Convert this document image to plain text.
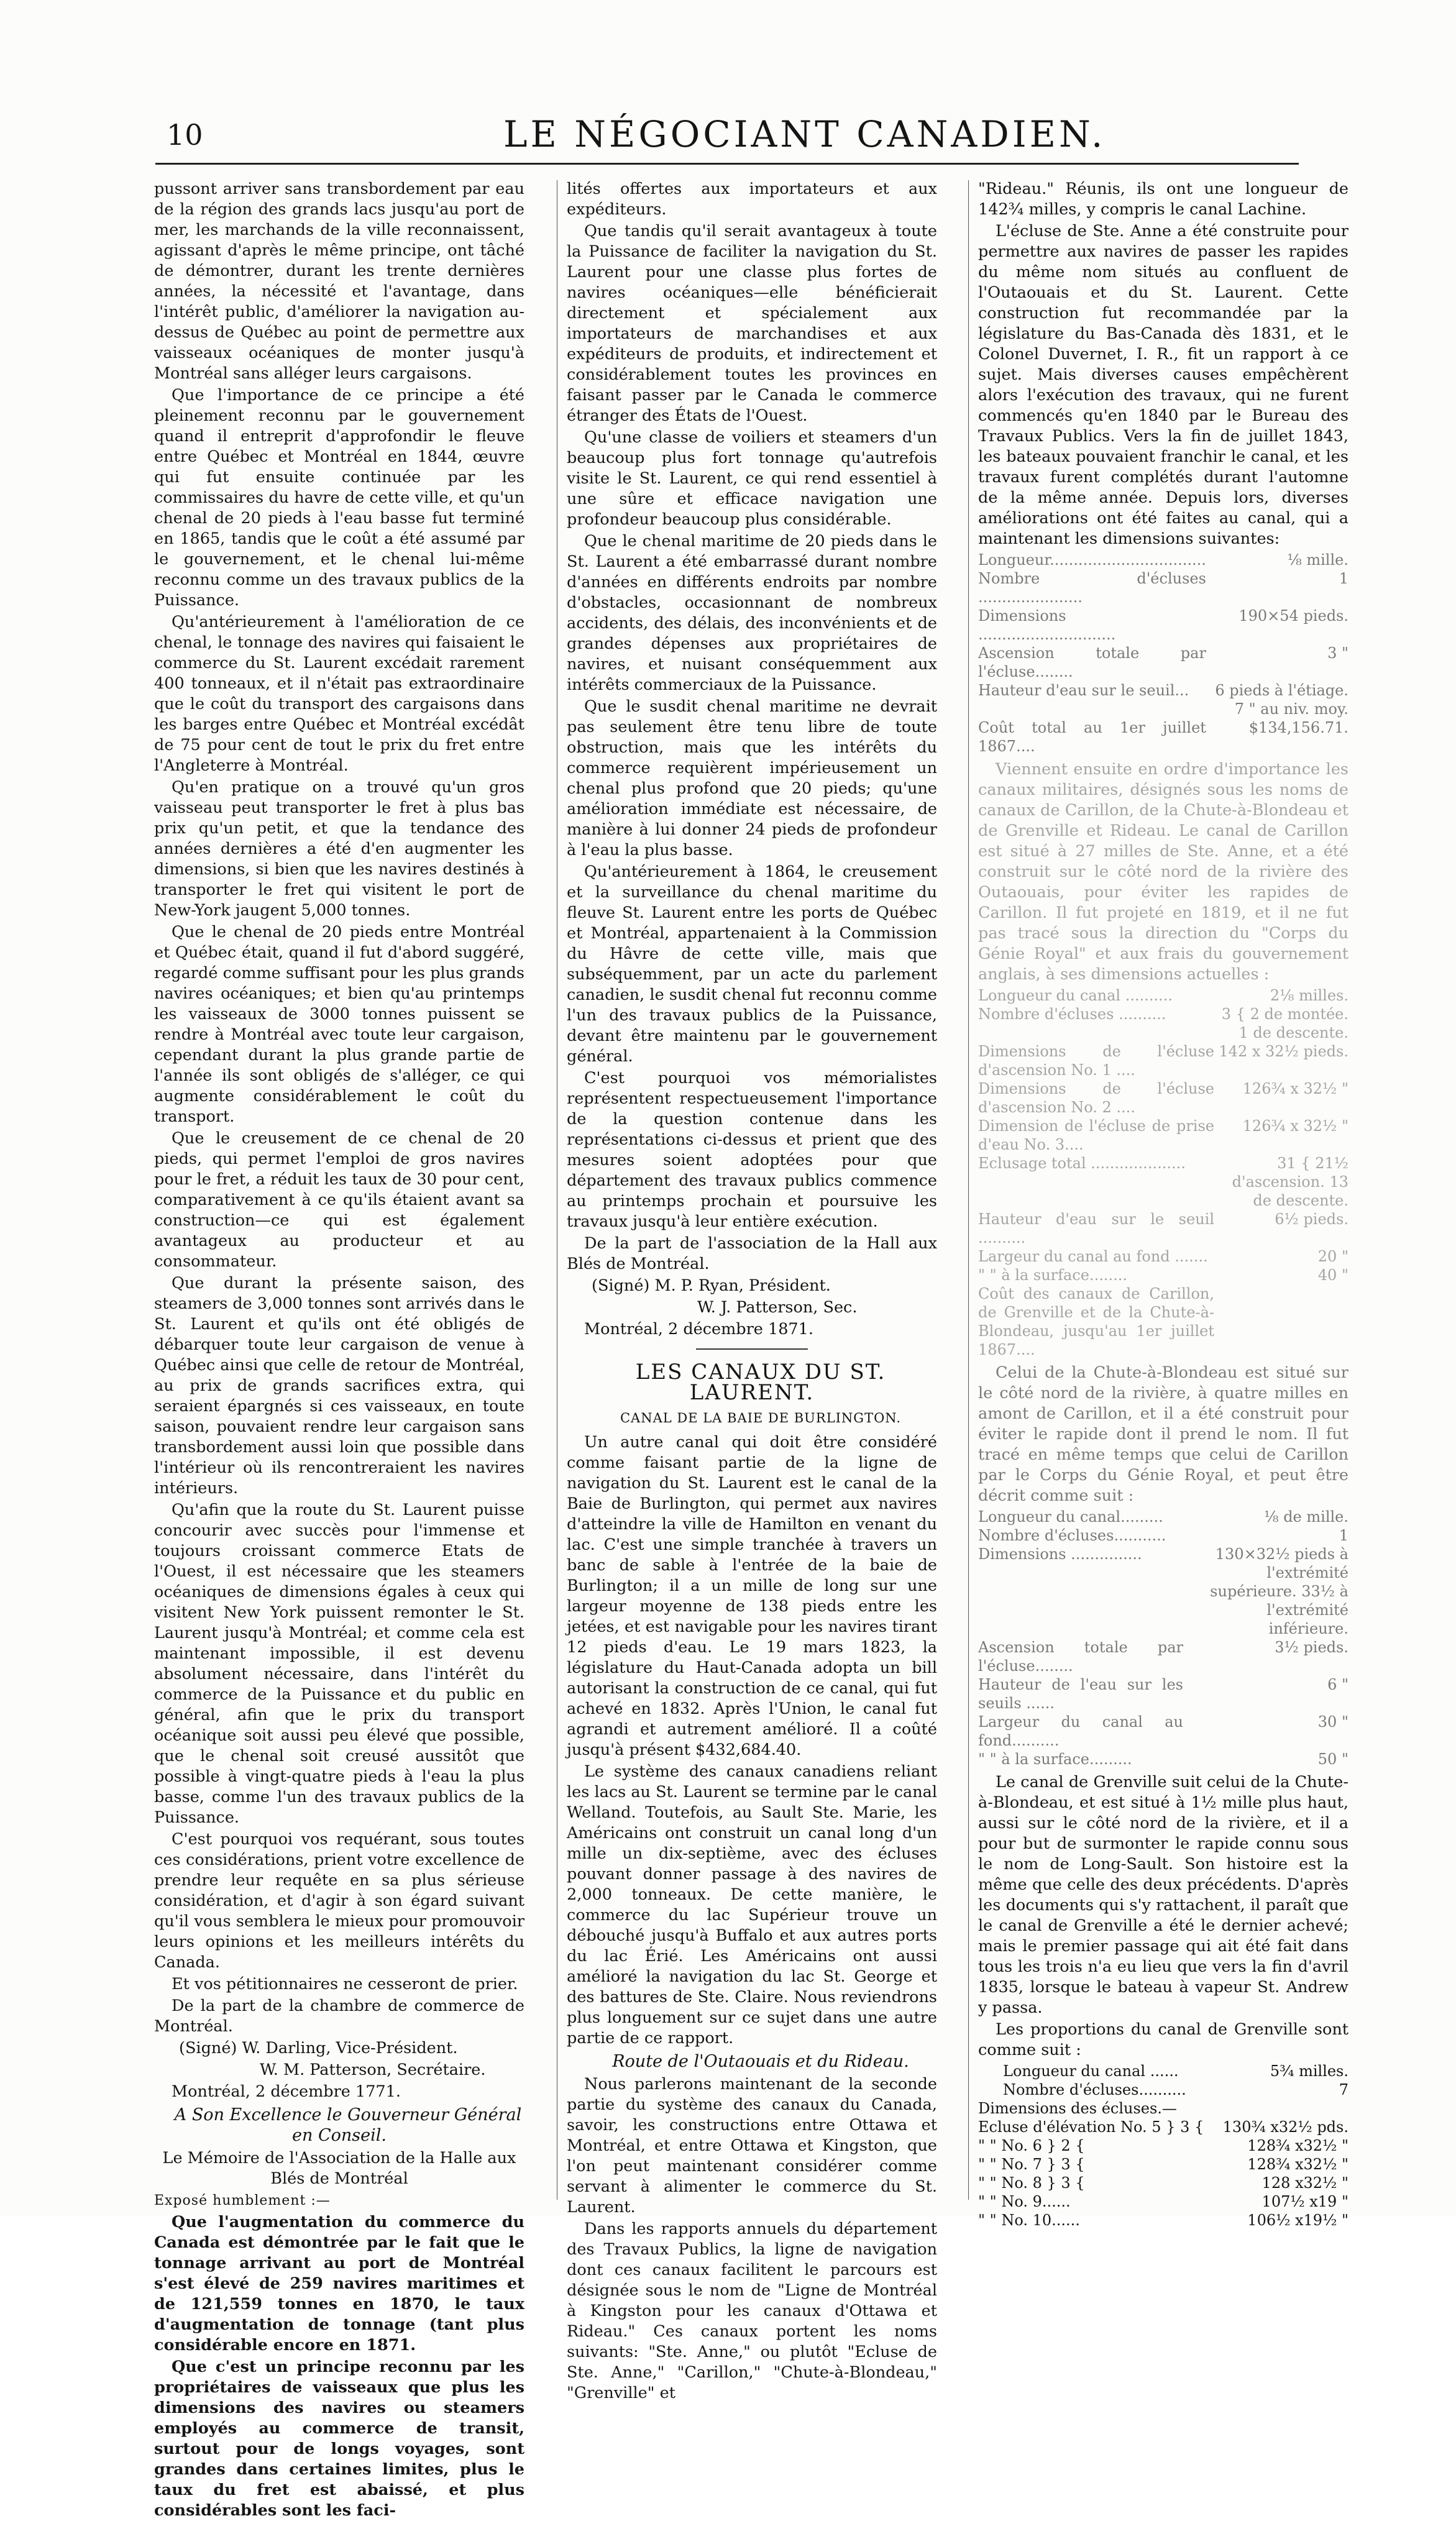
10	LE NÉGOCIANT CANADIEN.

pussont arriver sans transbordement par eau de la région des grands lacs jusqu'au port de mer, les marchands de la ville reconnaissent, agissant d'après le même principe, ont tâché de démontrer, durant les trente dernières années, la nécessité et l'avantage, dans l'intérêt public, d'améliorer la navigation au-dessus de Québec au point de permettre aux vaisseaux océaniques de monter jusqu'à Montréal sans alléger leurs cargaisons.

Que l'importance de ce principe a été pleinement reconnu par le gouvernement quand il entreprit d'approfondir le fleuve entre Québec et Montréal en 1844, œuvre qui fut ensuite continuée par les commissaires du havre de cette ville, et qu'un chenal de 20 pieds à l'eau basse fut terminé en 1865, tandis que le coût a été assumé par le gouvernement, et le chenal lui-même reconnu comme un des travaux publics de la Puissance.

Qu'antérieurement à l'amélioration de ce chenal, le tonnage des navires qui faisaient le commerce du St. Laurent excédait rarement 400 tonneaux, et il n'était pas extraordinaire que le coût du transport des cargaisons dans les barges entre Québec et Montréal excédât de 75 pour cent de tout le prix du fret entre l'Angleterre à Montréal.

Qu'en pratique on a trouvé qu'un gros vaisseau peut transporter le fret à plus bas prix qu'un petit, et que la tendance des années dernières a été d'en augmenter les dimensions, si bien que les navires destinés à transporter le fret qui visitent le port de New-York jaugent 5,000 tonnes.

Que le chenal de 20 pieds entre Montréal et Québec était, quand il fut d'abord suggéré, regardé comme suffisant pour les plus grands navires océaniques; et bien qu'au printemps les vaisseaux de 3000 tonnes puissent se rendre à Montréal avec toute leur cargaison, cependant durant la plus grande partie de l'année ils sont obligés de s'alléger, ce qui augmente considérablement le coût du transport.

Que le creusement de ce chenal de 20 pieds, qui permet l'emploi de gros navires pour le fret, a réduit les taux de 30 pour cent, comparativement à ce qu'ils étaient avant sa construction—ce qui est également avantageux au producteur et au consommateur.

Que durant la présente saison, des steamers de 3,000 tonnes sont arrivés dans le St. Laurent et qu'ils ont été obligés de débarquer toute leur cargaison de venue à Québec ainsi que celle de retour de Montréal, au prix de grands sacrifices extra, qui seraient épargnés si ces vaisseaux, en toute saison, pouvaient rendre leur cargaison sans transbordement aussi loin que possible dans l'intérieur où ils rencontreraient les navires intérieurs.

Qu'afin que la route du St. Laurent puisse concourir avec succès pour l'immense et toujours croissant commerce Etats de l'Ouest, il est nécessaire que les steamers océaniques de dimensions égales à ceux qui visitent New York puissent remonter le St. Laurent jusqu'à Montréal; et comme cela est maintenant impossible, il est devenu absolument nécessaire, dans l'intérêt du commerce de la Puissance et du public en général, afin que le prix du transport océanique soit aussi peu élevé que possible, que le chenal soit creusé aussitôt que possible à vingt-quatre pieds à l'eau la plus basse, comme l'un des travaux publics de la Puissance.

C'est pourquoi vos requérant, sous toutes ces considérations, prient votre excellence de prendre leur requête en sa plus sérieuse considération, et d'agir à son égard suivant qu'il vous semblera le mieux pour promouvoir leurs opinions et les meilleurs intérêts du Canada.

Et vos pétitionnaires ne cesseront de prier.

De la part de la chambre de commerce de Montréal.

(Signé) W. Darling, Vice-Président.

W. M. Patterson, Secrétaire.

Montréal, 2 décembre 1771.

A Son Excellence le Gouverneur Général en Conseil.

Le Mémoire de l'Association de la Halle aux Blés de Montréal

Exposé humblement :—

Que l'augmentation du commerce du Canada est démontrée par le fait que le tonnage arrivant au port de Montréal s'est élevé de 259 navires maritimes et de 121,559 tonnes en 1870, le taux d'augmentation de tonnage (tant plus considérable encore en 1871.

Que c'est un principe reconnu par les propriétaires de vaisseaux que plus les dimensions des navires ou steamers employés au commerce de transit, surtout pour de longs voyages, sont grandes dans certaines limites, plus le taux du fret est abaissé, et plus considérables sont les faci-

lités offertes aux importateurs et aux expéditeurs.

Que tandis qu'il serait avantageux à toute la Puissance de faciliter la navigation du St. Laurent pour une classe plus fortes de navires océaniques—elle bénéficierait directement et spécialement aux importateurs de marchandises et aux expéditeurs de produits, et indirectement et considérablement toutes les provinces en faisant passer par le Canada le commerce étranger des États de l'Ouest.

Qu'une classe de voiliers et steamers d'un beaucoup plus fort tonnage qu'autrefois visite le St. Laurent, ce qui rend essentiel à une sûre et efficace navigation une profondeur beaucoup plus considérable.

Que le chenal maritime de 20 pieds dans le St. Laurent a été embarrassé durant nombre d'années en différents endroits par nombre d'obstacles, occasionnant de nombreux accidents, des délais, des inconvénients et de grandes dépenses aux propriétaires de navires, et nuisant conséquemment aux intérêts commerciaux de la Puissance.

Que le susdit chenal maritime ne devrait pas seulement être tenu libre de toute obstruction, mais que les intérêts du commerce requièrent impérieusement un chenal plus profond que 20 pieds; qu'une amélioration immédiate est nécessaire, de manière à lui donner 24 pieds de profondeur à l'eau la plus basse.

Qu'antérieurement à 1864, le creusement et la surveillance du chenal maritime du fleuve St. Laurent entre les ports de Québec et Montréal, appartenaient à la Commission du Hâvre de cette ville, mais que subséquemment, par un acte du parlement canadien, le susdit chenal fut reconnu comme l'un des travaux publics de la Puissance, devant être maintenu par le gouvernement général.

C'est pourquoi vos mémorialistes représentent respectueusement l'importance de la question contenue dans les représentations ci-dessus et prient que des mesures soient adoptées pour que département des travaux publics commence au printemps prochain et poursuive les travaux jusqu'à leur entière exécution.

De la part de l'association de la Hall aux Blés de Montréal.

(Signé) M. P. Ryan, Président.

W. J. Patterson, Sec.

Montréal, 2 décembre 1871.

LES CANAUX DU ST. LAURENT.

CANAL DE LA BAIE DE BURLINGTON.

Un autre canal qui doit être considéré comme faisant partie de la ligne de navigation du St. Laurent est le canal de la Baie de Burlington, qui permet aux navires d'atteindre la ville de Hamilton en venant du lac. C'est une simple tranchée à travers un banc de sable à l'entrée de la baie de Burlington; il a un mille de long sur une largeur moyenne de 138 pieds entre les jetées, et est navigable pour les navires tirant 12 pieds d'eau. Le 19 mars 1823, la législature du Haut-Canada adopta un bill autorisant la construction de ce canal, qui fut achevé en 1832. Après l'Union, le canal fut agrandi et autrement amélioré. Il a coûté jusqu'à présent $432,684.40.

Le système des canaux canadiens reliant les lacs au St. Laurent se termine par le canal Welland. Toutefois, au Sault Ste. Marie, les Américains ont construit un canal long d'un mille un dix-septième, avec des écluses pouvant donner passage à des navires de 2,000 tonneaux. De cette manière, le commerce du lac Supérieur trouve un débouché jusqu'à Buffalo et aux autres ports du lac Érié. Les Américains ont aussi amélioré la navigation du lac St. George et des battures de Ste. Claire. Nous reviendrons plus longuement sur ce sujet dans une autre partie de ce rapport.

Route de l'Outaouais et du Rideau.

Nous parlerons maintenant de la seconde partie du système des canaux du Canada, savoir, les constructions entre Ottawa et Montréal, et entre Ottawa et Kingston, que l'on peut maintenant considérer comme servant à alimenter le commerce du St. Laurent.

Dans les rapports annuels du département des Travaux Publics, la ligne de navigation dont ces canaux facilitent le parcours est désignée sous le nom de "Ligne de Montréal à Kingston pour les canaux d'Ottawa et Rideau." Ces canaux portent les noms suivants: "Ste. Anne," ou plutôt "Ecluse de Ste. Anne," "Carillon," "Chute-à-Blondeau," "Grenville" et

"Rideau." Réunis, ils ont une longueur de 142¾ milles, y compris le canal Lachine.

L'écluse de Ste. Anne a été construite pour permettre aux navires de passer les rapides du même nom situés au confluent de l'Outaouais et du St. Laurent. Cette construction fut recommandée par la législature du Bas-Canada dès 1831, et le Colonel Duvernet, I. R., fit un rapport à ce sujet. Mais diverses causes empêchèrent alors l'exécution des travaux, qui ne furent commencés qu'en 1840 par le Bureau des Travaux Publics. Vers la fin de juillet 1843, les bateaux pouvaient franchir le canal, et les travaux furent complétés durant l'automne de la même année. Depuis lors, diverses améliorations ont été faites au canal, qui a maintenant les dimensions suivantes:

Longueur.................................	⅛ mille.
Nombre d'écluses ......................	1
Dimensions .............................	190×54 pieds.
Ascension totale par l'écluse........	3 "
Hauteur d'eau sur le seuil...	6 pieds à l'étiage. 7 " au niv. moy.
Coût total au 1er juillet 1867....	$134,156.71.

Viennent ensuite en ordre d'importance les canaux militaires, désignés sous les noms de canaux de Carillon, de la Chute-à-Blondeau et de Grenville et Rideau. Le canal de Carillon est situé à 27 milles de Ste. Anne, et a été construit sur le côté nord de la rivière des Outaouais, pour éviter les rapides de Carillon. Il fut projeté en 1819, et il ne fut pas tracé sous la direction du "Corps du Génie Royal" et aux frais du gouvernement anglais, à ses dimensions actuelles :

Longueur du canal ..........	2⅛ milles.
Nombre d'écluses ..........	3 { 2 de montée. 1 de descente.
Dimensions de l'écluse d'ascension No. 1 ....	142 x 32½ pieds.
Dimensions de l'écluse d'ascension No. 2 ....	126¾ x 32½ "
Dimension de l'écluse de prise d'eau No. 3....	126¾ x 32½ "
Eclusage total ....................	31 { 21½ d'ascension. 13 de descente.
Hauteur d'eau sur le seuil ..........	6½ pieds.
Largeur du canal au fond .......	20 "
" " à la surface........	40 "
Coût des canaux de Carillon, de Grenville et de la Chute-à-Blondeau, jusqu'au 1er juillet 1867....	

Celui de la Chute-à-Blondeau est situé sur le côté nord de la rivière, à quatre milles en amont de Carillon, et il a été construit pour éviter le rapide dont il prend le nom. Il fut tracé en même temps que celui de Carillon par le Corps du Génie Royal, et peut être décrit comme suit :

Longueur du canal.........	⅛ de mille.
Nombre d'écluses...........	1
Dimensions ...............	130×32½ pieds à l'extrémité supérieure. 33½ à l'extrémité inférieure.
Ascension totale par l'écluse........	3½ pieds.
Hauteur de l'eau sur les seuils ......	6 "
Largeur du canal au fond..........	30 "
" " à la surface.........	50 "

Le canal de Grenville suit celui de la Chute-à-Blondeau, et est situé à 1½ mille plus haut, aussi sur le côté nord de la rivière, et il a pour but de surmonter le rapide connu sous le nom de Long-Sault. Son histoire est la même que celle des deux précédents. D'après les documents qui s'y rattachent, il paraît que le canal de Grenville a été le dernier achevé; mais le premier passage qui ait été fait dans tous les trois n'a eu lieu que vers la fin d'avril 1835, lorsque le bateau à vapeur St. Andrew y passa.

Les proportions du canal de Grenville sont comme suit :

Longueur du canal ......	5¾ milles.
Nombre d'écluses..........	7
Dimensions des écluses.—	
Ecluse d'élévation No. 5 } 3 {	130¾ x32½ pds.
" " No. 6 } 2 {	128¾ x32½ "
" " No. 7 } 3 {	128¾ x32½ "
" " No. 8 } 3 {	128 x32½ "
" " No. 9......	107½ x19 "
" " No. 10......	106½ x19½ "
